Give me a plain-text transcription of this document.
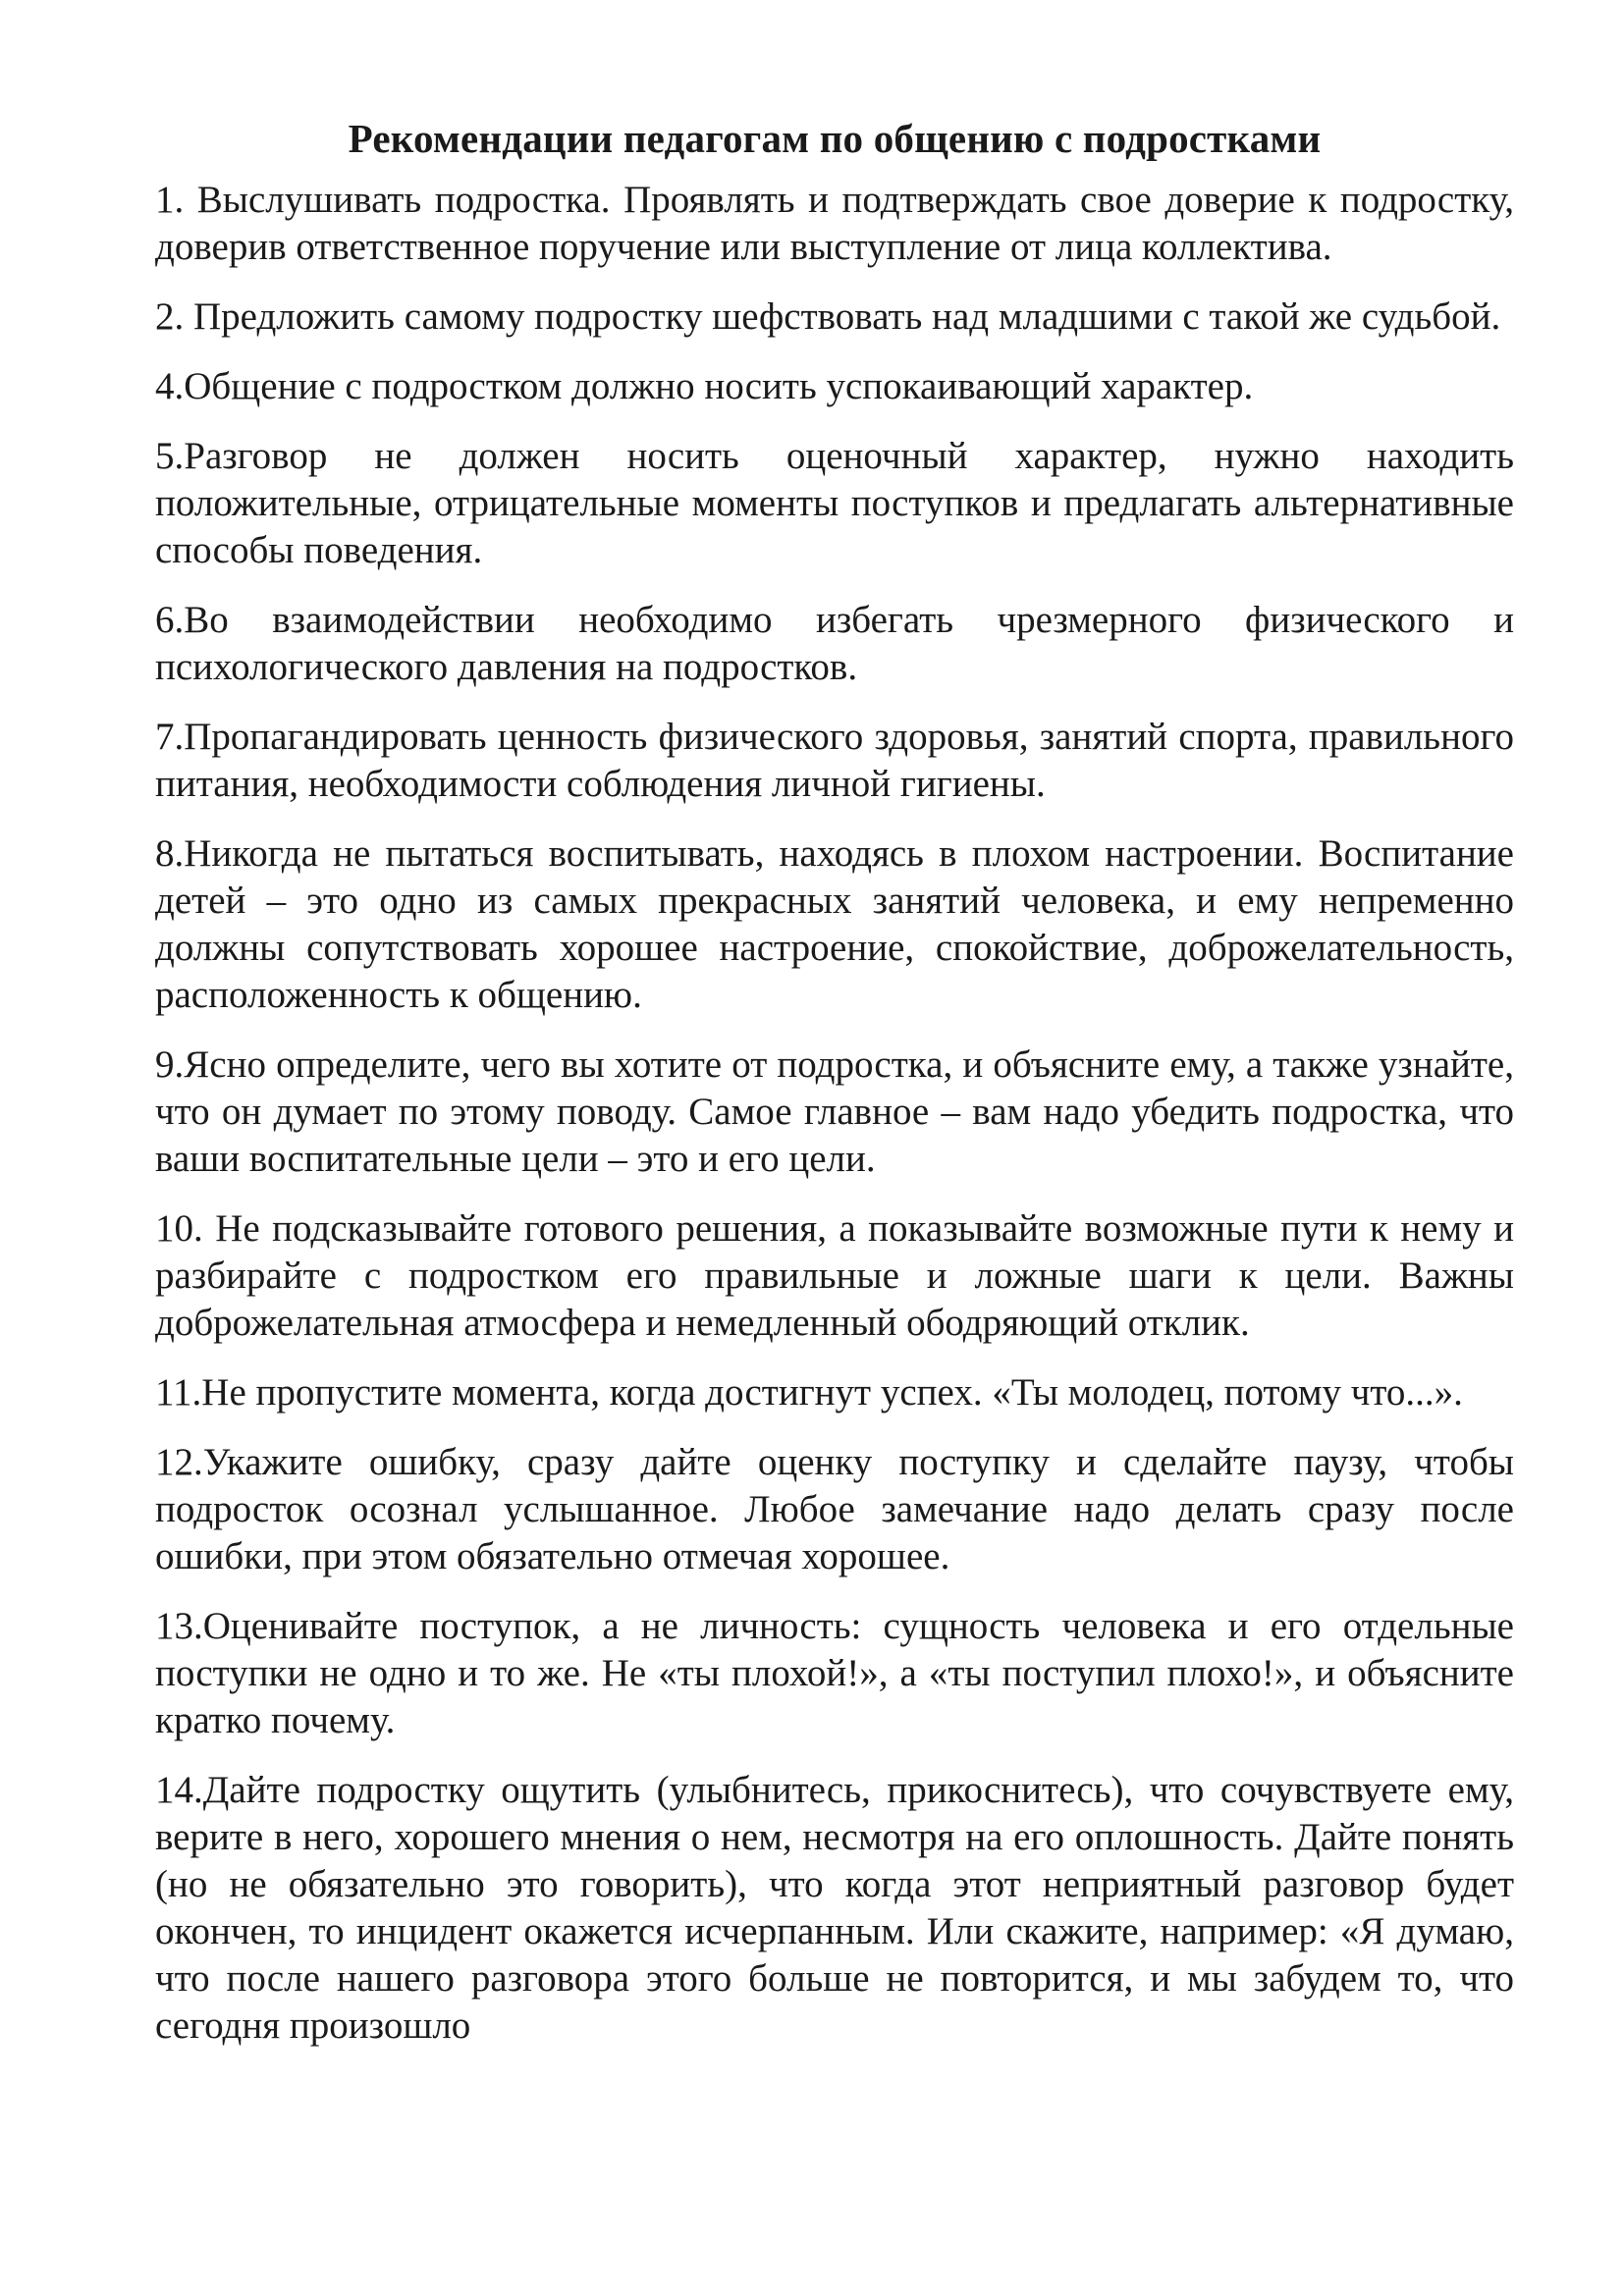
Рекомендации педагогам по общению с подростками

1. Выслушивать подростка. Проявлять и подтверждать свое доверие к подростку, доверив ответственное поручение или выступление от лица коллектива.

2. Предложить самому подростку шефствовать над младшими с такой же судьбой.

4.Общение с подростком должно носить успокаивающий характер.

5.Разговор не должен носить оценочный характер, нужно находить положительные, отрицательные моменты поступков и предлагать альтернативные способы поведения.

6.Во взаимодействии необходимо избегать чрезмерного физического и психологического давления на подростков.

7.Пропагандировать ценность физического здоровья, занятий спорта, правильного питания, необходимости соблюдения личной гигиены.

8.Никогда не пытаться воспитывать, находясь в плохом настроении. Воспитание детей – это одно из самых прекрасных занятий человека, и ему непременно должны сопутствовать хорошее настроение, спокойствие, доброжелательность, расположенность к общению.

9.Ясно определите, чего вы хотите от подростка, и объясните ему, а также узнайте, что он думает по этому поводу. Самое главное – вам надо убедить подростка, что ваши воспитательные цели – это и его цели.

10. Не подсказывайте готового решения, а показывайте возможные пути к нему и разбирайте с подростком его правильные и ложные шаги к цели. Важны доброжелательная атмосфера и немедленный ободряющий отклик.

11.Не пропустите момента, когда достигнут успех. «Ты молодец, потому что...».

12.Укажите ошибку, сразу дайте оценку поступку и сделайте паузу, чтобы подросток осознал услышанное. Любое замечание надо делать сразу после ошибки, при этом обязательно отмечая хорошее.

13.Оценивайте поступок, а не личность: сущность человека и его отдельные поступки не одно и то же. Не «ты плохой!», а «ты поступил плохо!», и объясните кратко почему.

14.Дайте подростку ощутить (улыбнитесь, прикоснитесь), что сочувствуете ему, верите в него, хорошего мнения о нем, несмотря на его оплошность. Дайте понять (но не обязательно это говорить), что когда этот неприятный разговор будет окончен, то инцидент окажется исчерпанным. Или скажите, например: «Я думаю, что после нашего разговора этого больше не повторится, и мы забудем то, что сегодня произошло
